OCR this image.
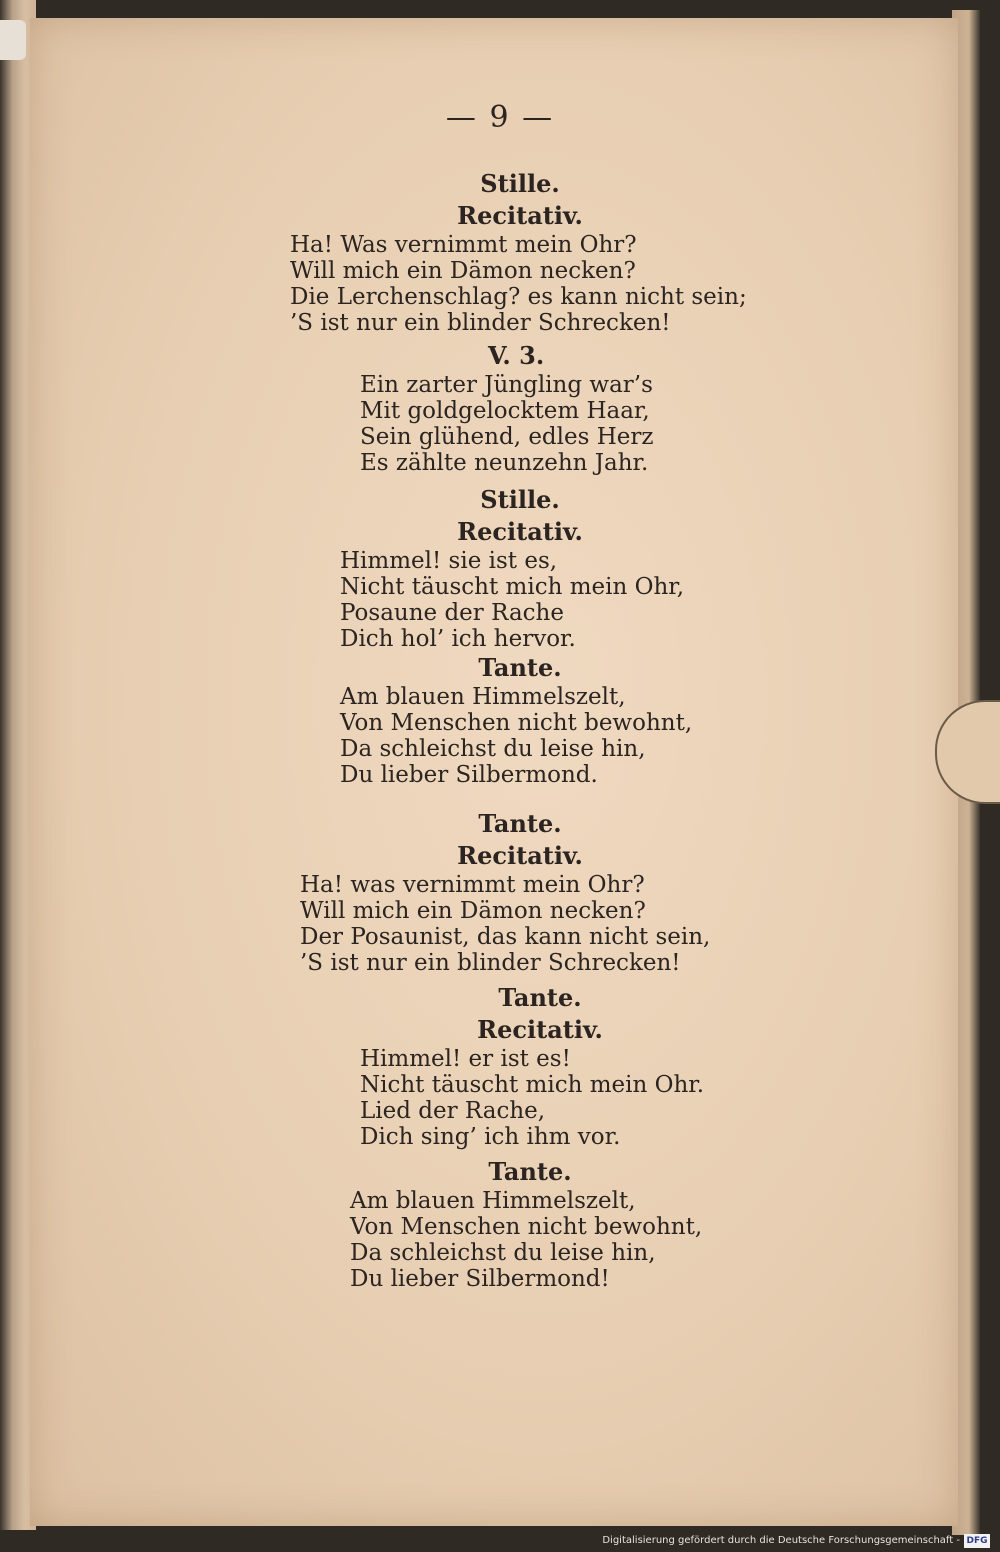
— 9 —
Stille.
Recitativ.
Ha! Was vernimmt mein Ohr?
Will mich ein Dämon necken?
Die Lerchenschlag? es kann nicht sein;
’S ist nur ein blinder Schrecken!
V. 3.
Ein zarter Jüngling war’s
Mit goldgelocktem Haar,
Sein glühend, edles Herz
Es zählte neunzehn Jahr.
Stille.
Recitativ.
Himmel! sie ist es,
Nicht täuscht mich mein Ohr,
Posaune der Rache
Dich hol’ ich hervor.
Tante.
Am blauen Himmelszelt,
Von Menschen nicht bewohnt,
Da schleichst du leise hin,
Du lieber Silbermond.
Tante.
Recitativ.
Ha! was vernimmt mein Ohr?
Will mich ein Dämon necken?
Der Posaunist, das kann nicht sein,
’S ist nur ein blinder Schrecken!
Tante.
Recitativ.
Himmel! er ist es!
Nicht täuscht mich mein Ohr.
Lied der Rache,
Dich sing’ ich ihm vor.
Tante.
Am blauen Himmelszelt,
Von Menschen nicht bewohnt,
Da schleichst du leise hin,
Du lieber Silbermond!
Digitalisierung gefördert durch die Deutsche Forschungsgemeinschaft - DFG
